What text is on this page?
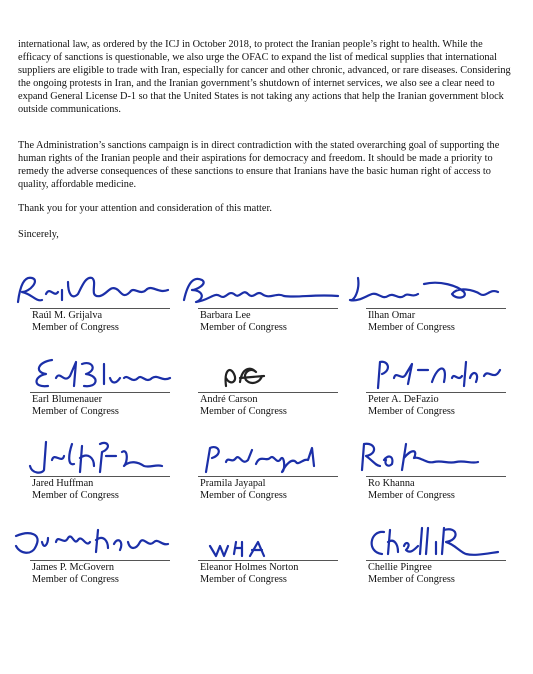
international law, as ordered by the ICJ in October 2018, to protect the Iranian people’s right to health. While the efficacy of sanctions is questionable, we also urge the OFAC to expand the list of medical supplies that international suppliers are eligible to trade with Iran, especially for cancer and other chronic, advanced, or rare diseases. Considering the ongoing protests in Iran, and the Iranian government’s shutdown of internet services, we also see a clear need to expand General License D-1 so that the United States is not taking any actions that help the Iranian government block outside communications.

The Administration’s sanctions campaign is in direct contradiction with the stated overarching goal of supporting the human rights of the Iranian people and their aspirations for democracy and freedom. It should be made a priority to remedy the adverse consequences of these sanctions to ensure that Iranians have the basic human right of access to quality, affordable medicine.

Thank you for your attention and consideration of this matter.

Sincerely,

Raúl M. Grijalva
Member of Congress
Barbara Lee
Member of Congress
Ilhan Omar
Member of Congress
Earl Blumenauer
Member of Congress
André Carson
Member of Congress
Peter A. DeFazio
Member of Congress
Jared Huffman
Member of Congress
Pramila Jayapal
Member of Congress
Ro Khanna
Member of Congress
James P. McGovern
Member of Congress
Eleanor Holmes Norton
Member of Congress
Chellie Pingree
Member of Congress
